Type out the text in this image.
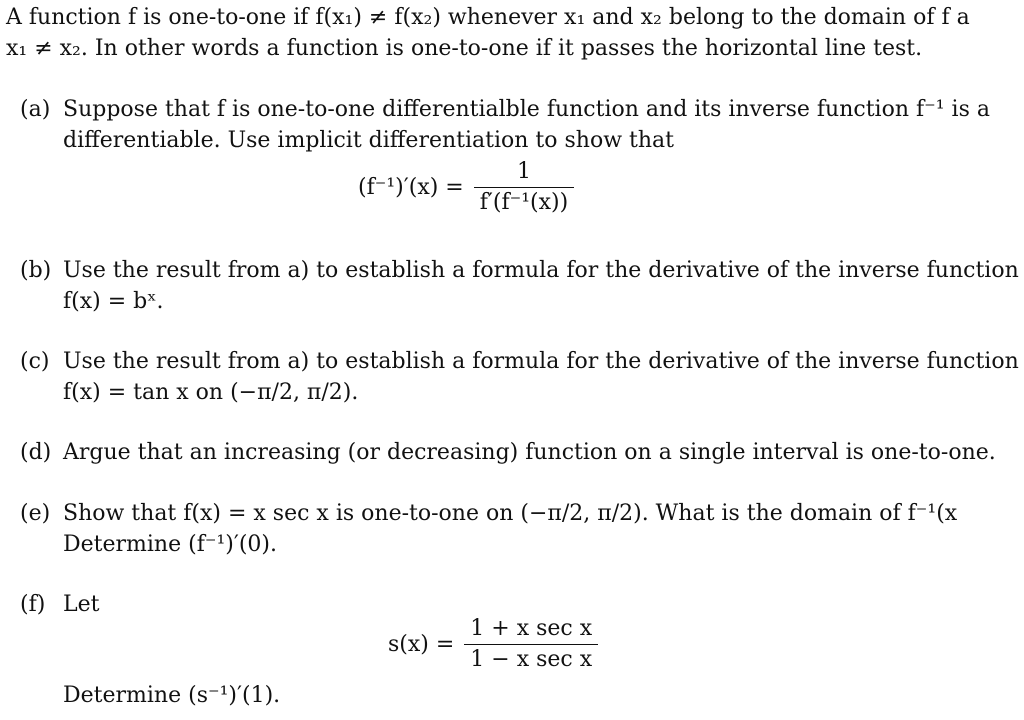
A function f is one-to-one if f(x₁) ≠ f(x₂) whenever x₁ and x₂ belong to the domain of f a
x₁ ≠ x₂. In other words a function is one-to-one if it passes the horizontal line test.
(a) Suppose that f is one-to-one differentialble function and its inverse function f⁻¹ is a
differentiable. Use implicit differentiation to show that
$(f^{-1})'(x) = \frac{1}{\text{f′(f⁻¹(x))}}$
(b) Use the result from a) to establish a formula for the derivative of the inverse function
f(x) = bˣ.
(c) Use the result from a) to establish a formula for the derivative of the inverse function
f(x) = tan x on (−π/2, π/2).
(d) Argue that an increasing (or decreasing) function on a single interval is one-to-one.
(e) Show that f(x) = x sec x is one-to-one on (−π/2, π/2). What is the domain of f⁻¹(x
Determine (f⁻¹)′(0).
(f) Let
$s(x) = \frac{\text{1 + x sec x}}{\text{1 − x sec x}}$
Determine (s⁻¹)′(1).
